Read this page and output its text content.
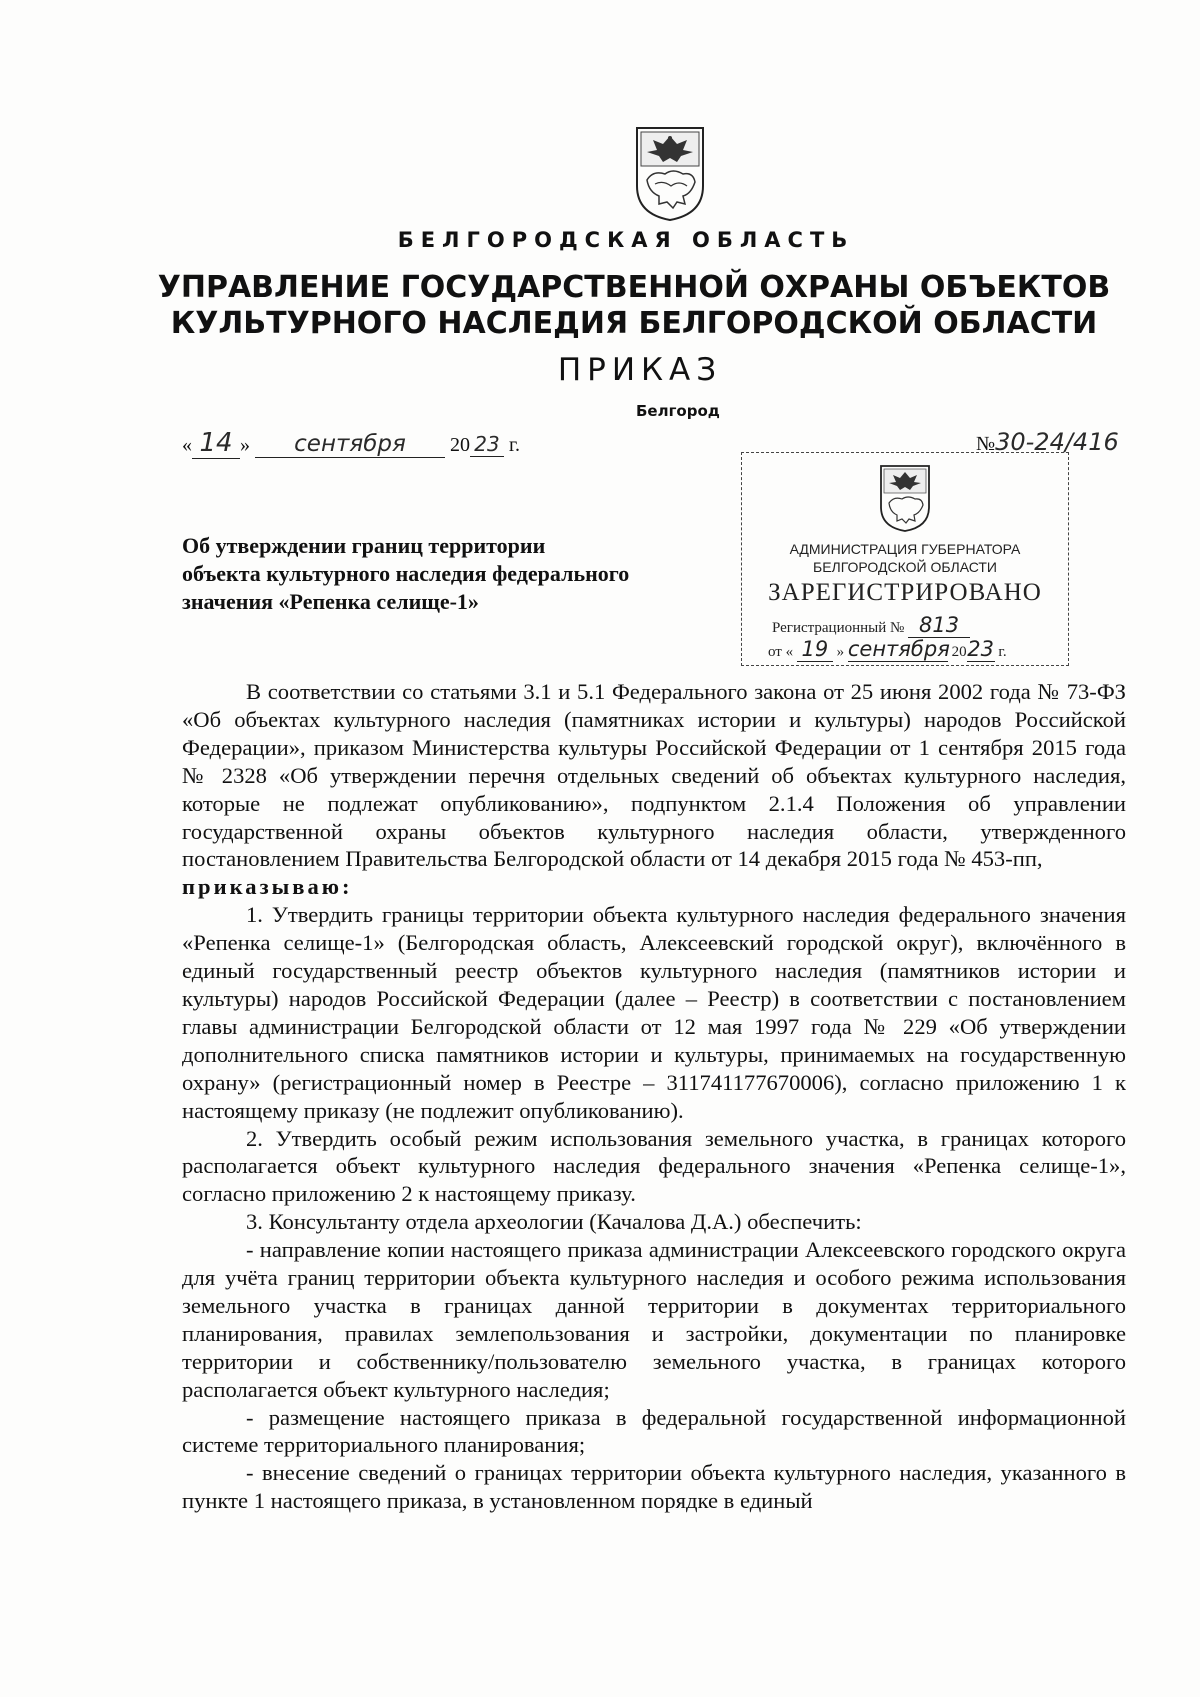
БЕЛГОРОДСКАЯ ОБЛАСТЬ
УПРАВЛЕНИЕ ГОСУДАРСТВЕННОЙ ОХРАНЫ ОБЪЕКТОВ
КУЛЬТУРНОГО НАСЛЕДИЯ БЕЛГОРОДСКОЙ ОБЛАСТИ
ПРИКАЗ
Белгород
« 14 » сентября 20 23 г.	№30-24/416
АДМИНИСТРАЦИЯ ГУБЕРНАТОРА
БЕЛГОРОДСКОЙ ОБЛАСТИ
ЗАРЕГИСТРИРОВАНО
Регистрационный № 813
от « 19 » сентября 2023 г.
Об утверждении границ территории
объекта культурного наследия федерального
значения «Репенка селище-1»

В соответствии со статьями 3.1 и 5.1 Федерального закона от 25 июня 2002 года № 73-ФЗ «Об объектах культурного наследия (памятниках истории и культуры) народов Российской Федерации», приказом Министерства культуры Российской Федерации от 1 сентября 2015 года № 2328 «Об утверждении перечня отдельных сведений об объектах культурного наследия, которые не подлежат опубликованию», подпунктом 2.1.4 Положения об управлении государственной охраны объектов культурного наследия области, утвержденного постановлением Правительства Белгородской области от 14 декабря 2015 года № 453-пп,

приказываю:

1. Утвердить границы территории объекта культурного наследия федерального значения «Репенка селище-1» (Белгородская область, Алексеевский городской округ), включённого в единый государственный реестр объектов культурного наследия (памятников истории и культуры) народов Российской Федерации (далее – Реестр) в соответствии с постановлением главы администрации Белгородской области от 12 мая 1997 года № 229 «Об утверждении дополнительного списка памятников истории и культуры, принимаемых на государственную охрану» (регистрационный номер в Реестре – 311741177670006), согласно приложению 1 к настоящему приказу (не подлежит опубликованию).

2. Утвердить особый режим использования земельного участка, в границах которого располагается объект культурного наследия федерального значения «Репенка селище-1», согласно приложению 2 к настоящему приказу.

3. Консультанту отдела археологии (Качалова Д.А.) обеспечить:

- направление копии настоящего приказа администрации Алексеевского городского округа для учёта границ территории объекта культурного наследия и особого режима использования земельного участка в границах данной территории в документах территориального планирования, правилах землепользования и застройки, документации по планировке территории и собственнику/пользователю земельного участка, в границах которого располагается объект культурного наследия;

- размещение настоящего приказа в федеральной государственной информационной системе территориального планирования;

- внесение сведений о границах территории объекта культурного наследия, указанного в пункте 1 настоящего приказа, в установленном порядке в единый
